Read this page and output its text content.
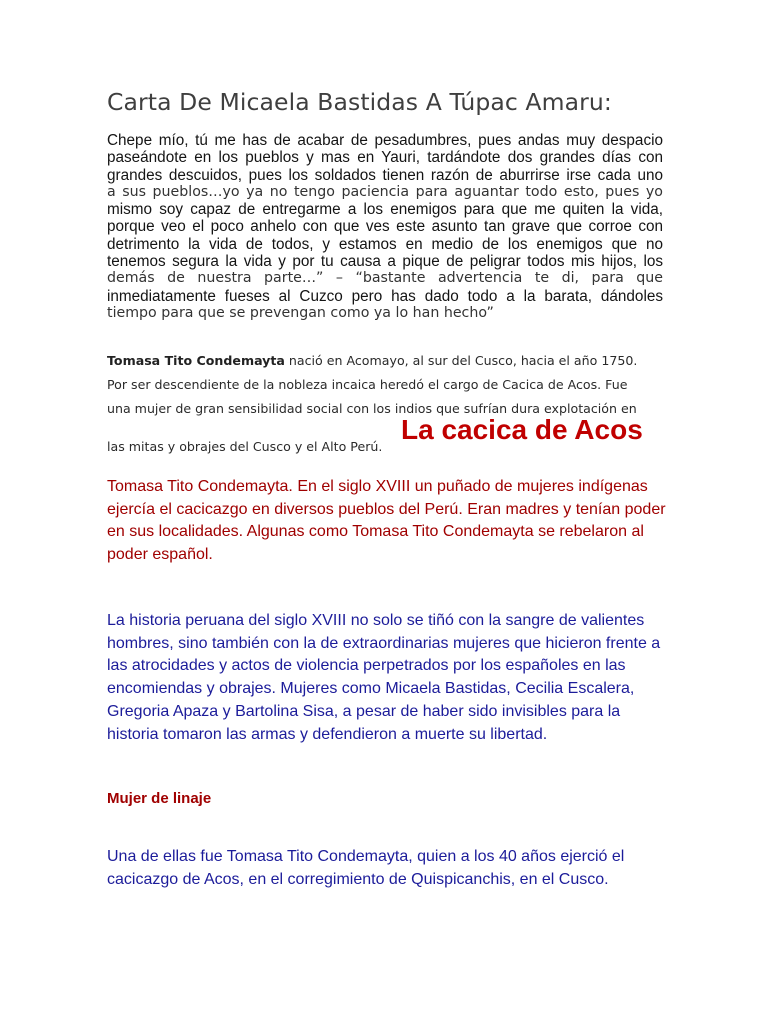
Carta De Micaela Bastidas A Túpac Amaru:
Chepe mío, tú me has de acabar de pesadumbres, pues andas muy despacio
paseándote en los pueblos y mas en Yauri, tardándote dos grandes días con
grandes descuidos, pues los soldados tienen razón de aburrirse irse cada uno
a sus pueblos…yo ya no tengo paciencia para aguantar todo esto, pues yo
mismo soy capaz de entregarme a los enemigos para que me quiten la vida,
porque veo el poco anhelo con que ves este asunto tan grave que corroe con
detrimento la vida de todos, y estamos en medio de los enemigos que no
tenemos segura la vida y por tu causa a pique de peligrar todos mis hijos, los
demás de nuestra parte…” – “bastante advertencia te di, para que
inmediatamente fueses al Cuzco pero has dado todo a la barata, dándoles
tiempo para que se prevengan como ya lo han hecho”
Tomasa Tito Condemayta nació en Acomayo, al sur del Cusco, hacia el año 1750.
Por ser descendiente de la nobleza incaica heredó el cargo de Cacica de Acos. Fue
una mujer de gran sensibilidad social con los indios que sufrían dura explotación en
las mitas y obrajes del Cusco y el Alto Perú.
La cacica de Acos

Tomasa Tito Condemayta. En el siglo XVIII un puñado de mujeres indígenas ejercía el cacicazgo en diversos pueblos del Perú. Eran madres y tenían poder en sus localidades. Algunas como Tomasa Tito Condemayta se rebelaron al poder español.

La historia peruana del siglo XVIII no solo se tiñó con la sangre de valientes hombres, sino también con la de extraordinarias mujeres que hicieron frente a las atrocidades y actos de violencia perpetrados por los españoles en las encomiendas y obrajes. Mujeres como Micaela Bastidas, Cecilia Escalera, Gregoria Apaza y Bartolina Sisa, a pesar de haber sido invisibles para la historia tomaron las armas y defendieron a muerte su libertad.

Mujer de linaje

Una de ellas fue Tomasa Tito Condemayta, quien a los 40 años ejerció el cacicazgo de Acos, en el corregimiento de Quispicanchis, en el Cusco.
